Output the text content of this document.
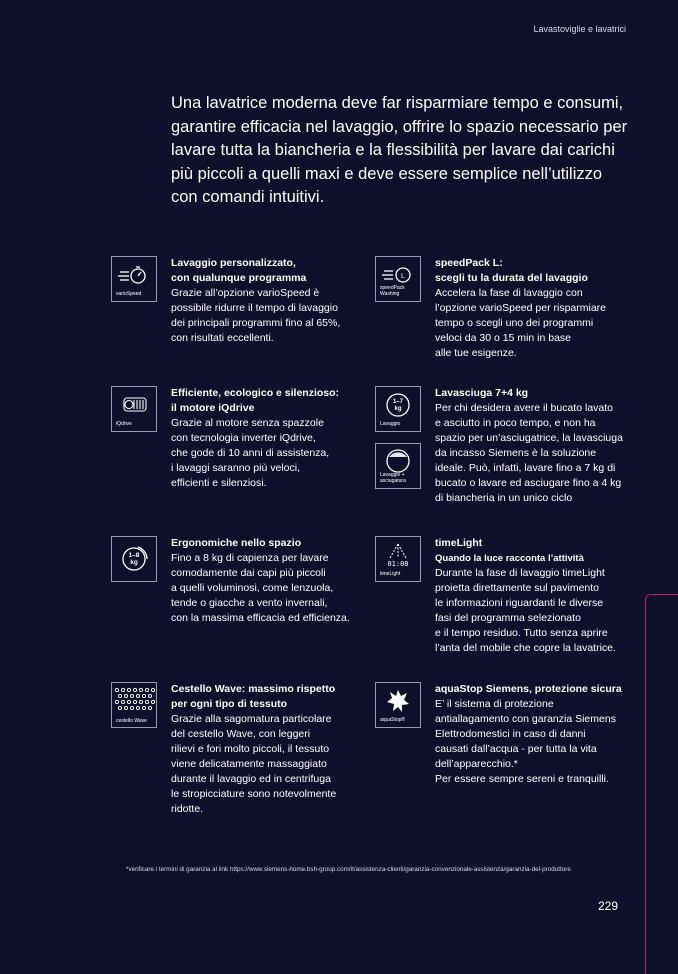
Lavastoviglie e lavatrici
Una lavatrice moderna deve far risparmiare tempo e consumi, garantire efficacia nel lavaggio, offrire lo spazio necessario per lavare tutta la biancheria e la flessibilità per lavare dai carichi più piccoli a quelli maxi e deve essere semplice nell’utilizzo con comandi intuitivi.
varioSpeed
Lavaggio personalizzato,
con qualunque programma
Grazie all’opzione varioSpeed è
possibile ridurre il tempo di lavaggio
dei principali programmi fino al 65%,
con risultati eccellenti.
L
speedPack
Washing
speedPack L:
scegli tu la durata del lavaggio
Accelera la fase di lavaggio con
l’opzione varioSpeed per risparmiare
tempo o scegli uno dei programmi
veloci da 30 o 15 min in base
alle tue esigenze.
iQdrive
Efficiente, ecologico e silenzioso:
il motore iQdrive
Grazie al motore senza spazzole
con tecnologia inverter iQdrive,
che gode di 10 anni di assistenza,
i lavaggi saranno più veloci,
efficienti e silenziosi.
1–7
kg
Lavaggio
4 kg
Lavaggio +
asciugatura
Lavasciuga 7+4 kg
Per chi desidera avere il bucato lavato
e asciutto in poco tempo, e non ha
spazio per un’asciugatrice, la lavasciuga
da incasso Siemens è la soluzione
ideale. Può, infatti, lavare fino a 7 kg di
bucato o lavare ed asciugare fino a 4 kg
di biancheria in un unico ciclo
1–8
kg
Ergonomiche nello spazio
Fino a 8 kg di capienza per lavare
comodamente dai capi più piccoli
a quelli voluminosi, come lenzuola,
tende o giacche a vento invernali,
con la massima efficacia ed efficienza.
01:08
timeLight
timeLight
Quando la luce racconta l’attività
Durante la fase di lavaggio timeLight
proietta direttamente sul pavimento
le informazioni riguardanti le diverse
fasi del programma selezionato
e il tempo residuo. Tutto senza aprire
l’anta del mobile che copre la lavatrice.
cestello Wave
Cestello Wave: massimo rispetto
per ogni tipo di tessuto
Grazie alla sagomatura particolare
del cestello Wave, con leggeri
rilievi e fori molto piccoli, il tessuto
viene delicatamente massaggiato
durante il lavaggio ed in centrifuga
le stropicciature sono notevolmente
ridotte.
aquaStop®
aquaStop Siemens, protezione sicura
E’ il sistema di protezione
antiallagamento con garanzia Siemens
Elettrodomestici in caso di danni
causati dall’acqua - per tutta la vita
dell’apparecchio.*
Per essere sempre sereni e tranquilli.
*verificare i termini di garanzia al link https://www.siemens-home.bsh-group.com/it/assistenza-clienti/garanzia-convenzionale-assistenza/garanzia-del-produttore
229
